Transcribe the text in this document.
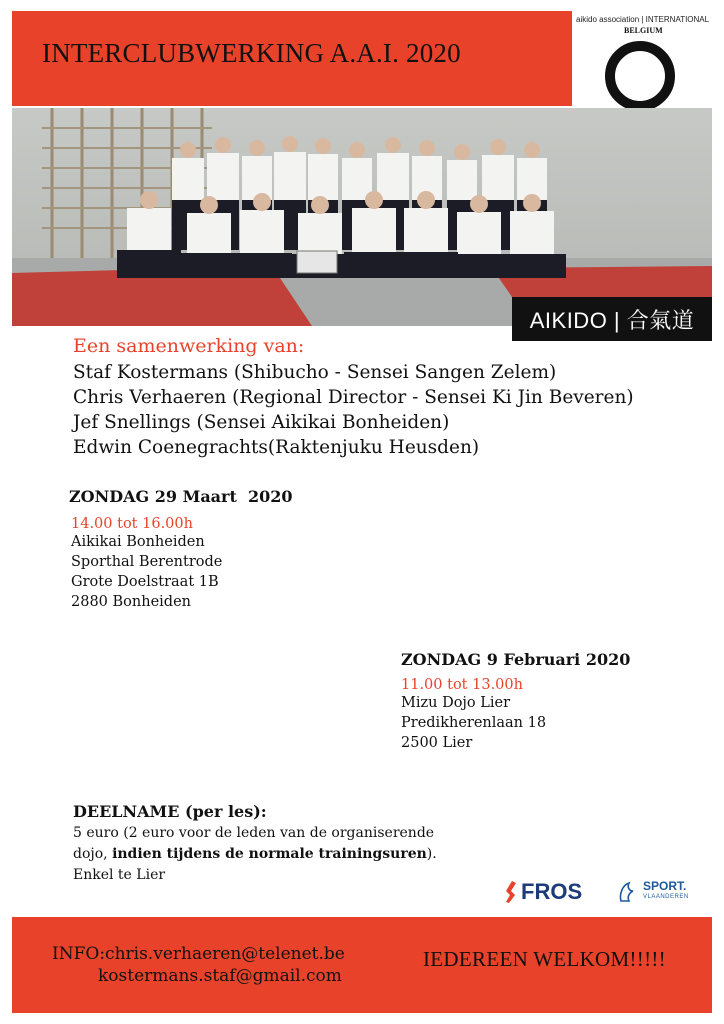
INTERCLUBWERKING A.A.I. 2020
aikido association | INTERNATIONAL
BELGIUM
AIKIDO | 合氣道
Een samenwerking van:
Staf Kostermans (Shibucho - Sensei Sangen Zelem)
Chris Verhaeren (Regional Director - Sensei Ki Jin Beveren)
Jef Snellings (Sensei Aikikai Bonheiden)
Edwin Coenegrachts(Raktenjuku Heusden)
ZONDAG 29 Maart  2020
14.00 tot 16.00h
Aikikai Bonheiden
Sporthal Berentrode
Grote Doelstraat 1B
2880 Bonheiden
ZONDAG 9 Februari 2020
11.00 tot 13.00h
Mizu Dojo Lier
Predikherenlaan 18
2500 Lier
DEELNAME (per les):
5 euro (2 euro voor de leden van de organiserende dojo, indien tijdens de normale trainingsuren). Enkel te Lier
FROS	SPORT.
VLAANDEREN
INFO:chris.verhaeren@telenet.be
kostermans.staf@gmail.com
IEDEREEN WELKOM!!!!!
